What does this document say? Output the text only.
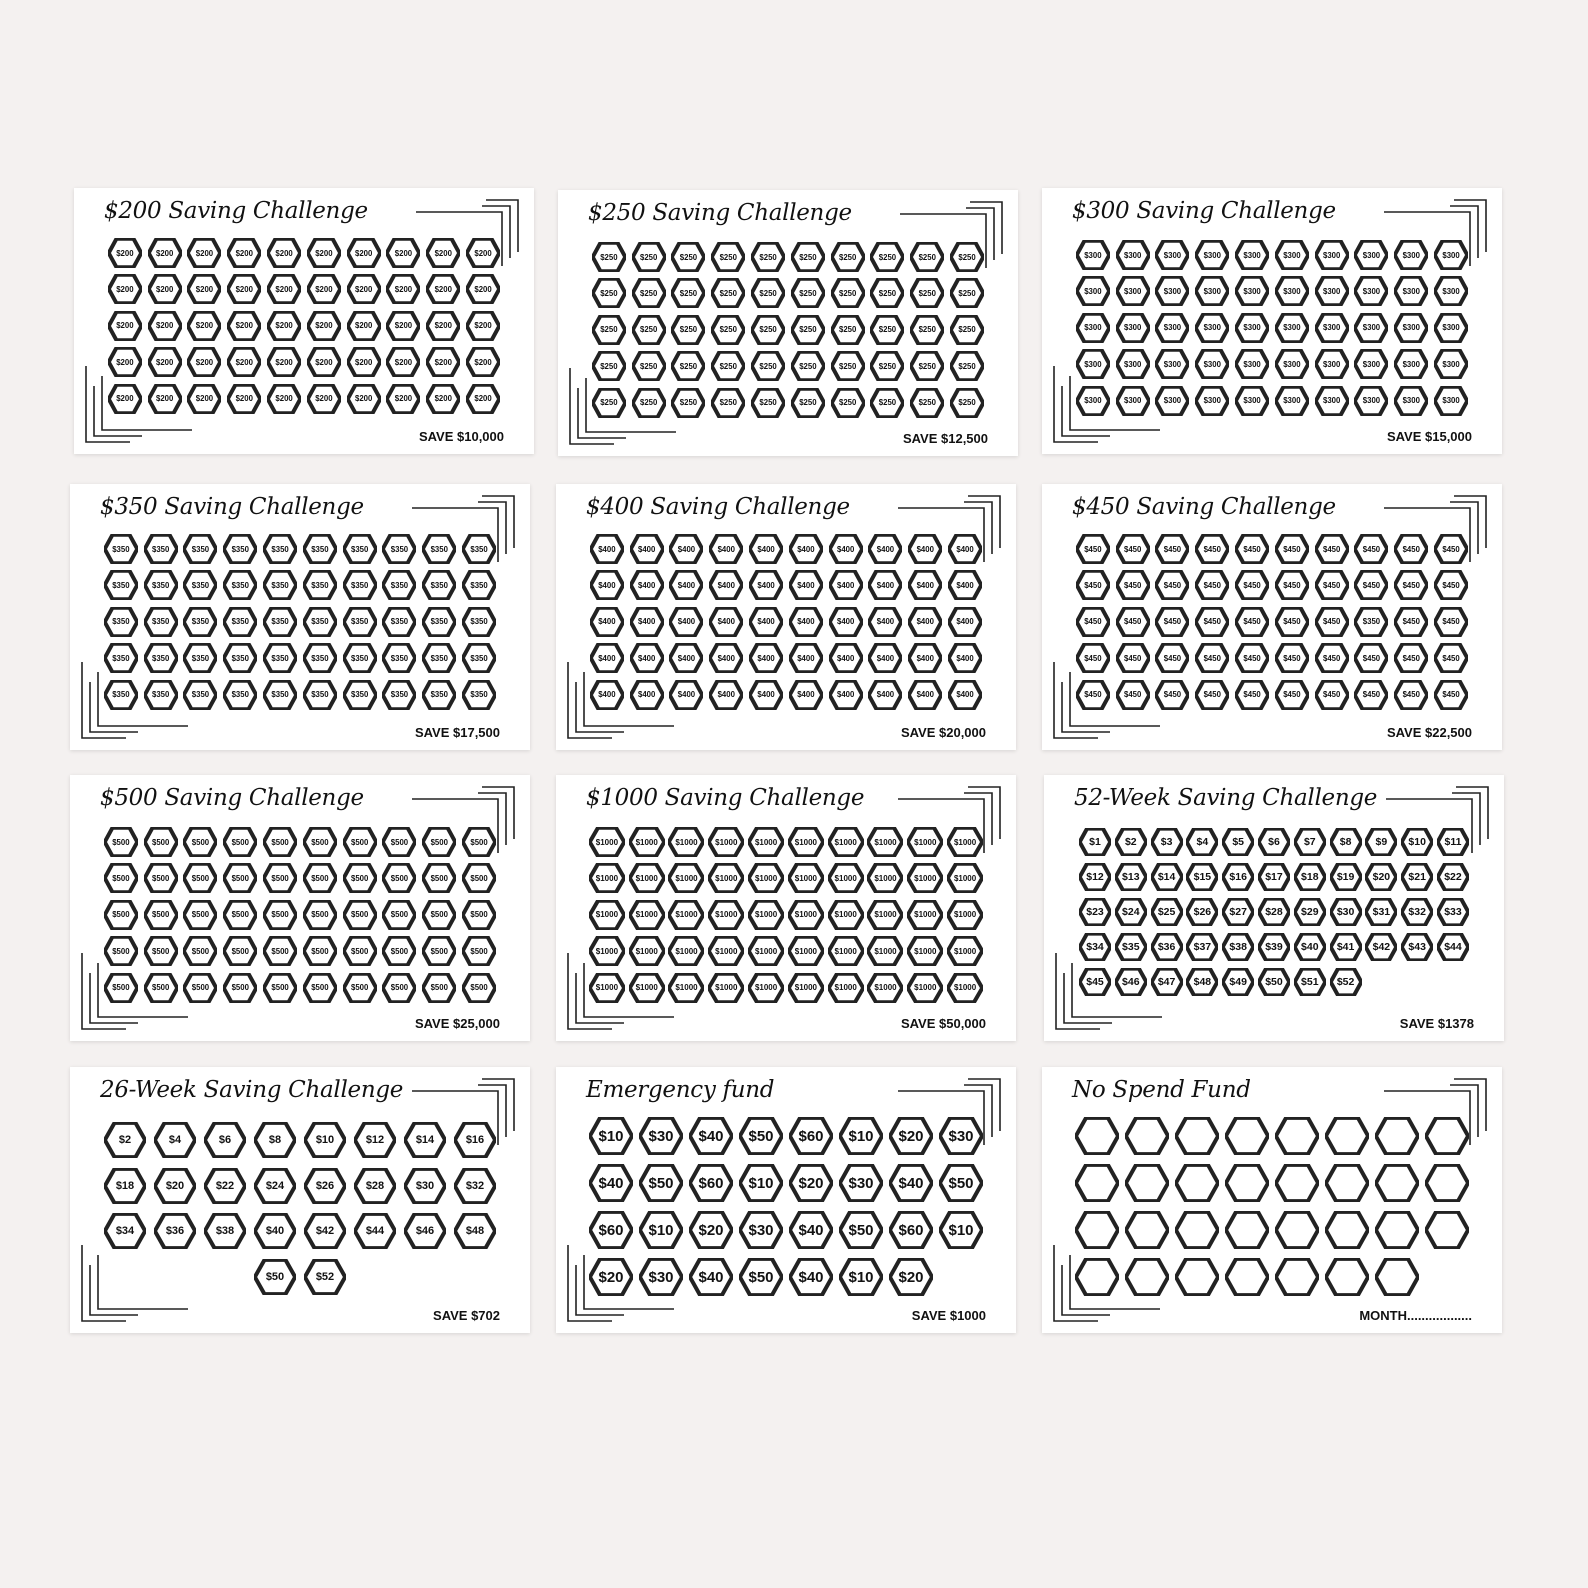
$200 Saving Challenge
$200	$200	$200	$200	$200	$200	$200	$200	$200	$200
$200	$200	$200	$200	$200	$200	$200	$200	$200	$200
$200	$200	$200	$200	$200	$200	$200	$200	$200	$200
$200	$200	$200	$200	$200	$200	$200	$200	$200	$200
$200	$200	$200	$200	$200	$200	$200	$200	$200	$200
SAVE $10,000
$250 Saving Challenge
$250	$250	$250	$250	$250	$250	$250	$250	$250	$250
$250	$250	$250	$250	$250	$250	$250	$250	$250	$250
$250	$250	$250	$250	$250	$250	$250	$250	$250	$250
$250	$250	$250	$250	$250	$250	$250	$250	$250	$250
$250	$250	$250	$250	$250	$250	$250	$250	$250	$250
SAVE $12,500
$300 Saving Challenge
$300	$300	$300	$300	$300	$300	$300	$300	$300	$300
$300	$300	$300	$300	$300	$300	$300	$300	$300	$300
$300	$300	$300	$300	$300	$300	$300	$300	$300	$300
$300	$300	$300	$300	$300	$300	$300	$300	$300	$300
$300	$300	$300	$300	$300	$300	$300	$300	$300	$300
SAVE $15,000
$350 Saving Challenge
$350	$350	$350	$350	$350	$350	$350	$350	$350	$350
$350	$350	$350	$350	$350	$350	$350	$350	$350	$350
$350	$350	$350	$350	$350	$350	$350	$350	$350	$350
$350	$350	$350	$350	$350	$350	$350	$350	$350	$350
$350	$350	$350	$350	$350	$350	$350	$350	$350	$350
SAVE $17,500
$400 Saving Challenge
$400	$400	$400	$400	$400	$400	$400	$400	$400	$400
$400	$400	$400	$400	$400	$400	$400	$400	$400	$400
$400	$400	$400	$400	$400	$400	$400	$400	$400	$400
$400	$400	$400	$400	$400	$400	$400	$400	$400	$400
$400	$400	$400	$400	$400	$400	$400	$400	$400	$400
SAVE $20,000
$450 Saving Challenge
$450	$450	$450	$450	$450	$450	$450	$450	$450	$450
$450	$450	$450	$450	$450	$450	$450	$450	$450	$450
$450	$450	$450	$450	$450	$450	$450	$350	$450	$450
$450	$450	$450	$450	$450	$450	$450	$450	$450	$450
$450	$450	$450	$450	$450	$450	$450	$450	$450	$450
SAVE $22,500
$500 Saving Challenge
$500	$500	$500	$500	$500	$500	$500	$500	$500	$500
$500	$500	$500	$500	$500	$500	$500	$500	$500	$500
$500	$500	$500	$500	$500	$500	$500	$500	$500	$500
$500	$500	$500	$500	$500	$500	$500	$500	$500	$500
$500	$500	$500	$500	$500	$500	$500	$500	$500	$500
SAVE $25,000
$1000 Saving Challenge
$1000 $1000 $1000 $1000 $1000 $1000 $1000 $1000 $1000 $1000
$1000 $1000 $1000 $1000 $1000 $1000 $1000 $1000 $1000 $1000
$1000 $1000 $1000 $1000 $1000 $1000 $1000 $1000 $1000 $1000
$1000 $1000 $1000 $1000 $1000 $1000 $1000 $1000 $1000 $1000
$1000 $1000 $1000 $1000 $1000 $1000 $1000 $1000 $1000 $1000
SAVE $50,000
52-Week Saving Challenge
$1 $2 $3 $4 $5 $6 $7 $8 $9 $10 $11
$12 $13 $14 $15 $16 $17 $18 $19 $20 $21 $22
$23 $24 $25 $26 $27 $28 $29 $30 $31 $32 $33
$34 $35 $36 $37 $38 $39 $40 $41 $42 $43 $44
$45 $46 $47 $48 $49 $50 $51 $52
SAVE $1378
26-Week Saving Challenge
$2	$4	$6	$8	$10	$12	$14	$16
$18	$20	$22	$24	$26	$28	$30	$32
$34	$36	$38	$40	$42	$44	$46	$48
$50	$52
SAVE $702
Emergency fund
$10 $30 $40 $50 $60 $10 $20 $30
$40 $50 $60 $10 $20 $30 $40 $50
$60 $10 $20 $30 $40 $50 $60 $10
$20 $30 $40 $50 $40 $10 $20
SAVE $1000
No Spend Fund
MONTH..................
